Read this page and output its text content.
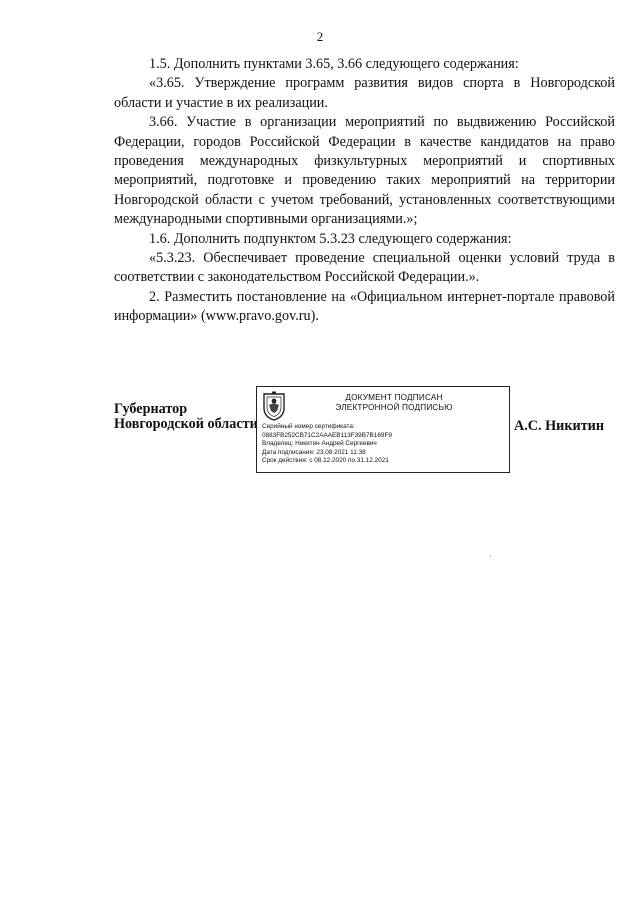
2

1.5. Дополнить пунктами 3.65, 3.66 следующего содержания:

«3.65. Утверждение программ развития видов спорта в Новгородской области и участие в их реализации.

3.66. Участие в организации мероприятий по выдвижению Российской Федерации, городов Российской Федерации в качестве кандидатов на право проведения международных физкультурных мероприятий и спортивных мероприятий, подготовке и проведению таких мероприятий на территории Новгородской области с учетом требований, установленных соответствующими международными спортивными организациями.»;

1.6. Дополнить подпунктом 5.3.23 следующего содержания:

«5.3.23. Обеспечивает проведение специальной оценки условий труда в соответствии с законодательством Российской Федерации.».

2. Разместить постановление на «Официальном интернет-портале правовой информации» (www.pravo.gov.ru).

Губернатор
Новгородской области
ДОКУМЕНТ ПОДПИСАН
ЭЛЕКТРОННОЙ ПОДПИСЬЮ
Серийный номер сертификата:
0883FB252CB71C2AAAEB113F39B7B169F9
Владелец: Никитин Андрей Сергеевич
Дата подписания: 23.08.2021 11:38
Срок действия: с 08.12.2020 по 31.12.2021
А.С. Никитин
